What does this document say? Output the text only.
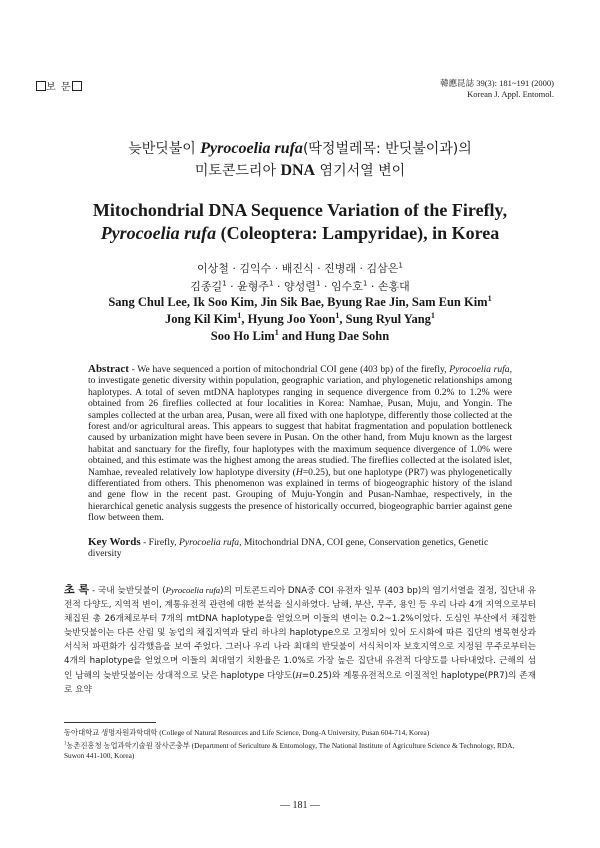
보 문	韓應昆誌 39(3): 181~191 (2000)
Korean J. Appl. Entomol.
늦반딧불이 Pyrocoelia rufa(딱정벌레목: 반딧불이과)의
미토콘드리아 DNA 염기서열 변이
Mitochondrial DNA Sequence Variation of the Firefly,
Pyrocoelia rufa (Coleoptera: Lampyridae), in Korea
이상철 · 김익수 · 배진식 · 진병래 · 김삼은$^1$
김종길$^1$ · 윤형주$^1$ · 양성렬$^1$ · 임수호$^1$ · 손홍대
Sang Chul Lee, Ik Soo Kim, Jin Sik Bae, Byung Rae Jin, Sam Eun Kim$^1$
Jong Kil Kim$^1$, Hyung Joo Yoon$^1$, Sung Ryul Yang$^1$
Soo Ho Lim$^1$ and Hung Dae Sohn
Abstract - We have sequenced a portion of mitochondrial COI gene (403 bp) of the firefly, Pyrocoelia rufa, to investigate genetic diversity within population, geographic variation, and phylogenetic relationships among haplotypes. A total of seven mtDNA haplotypes ranging in sequence divergence from 0.2% to 1.2% were obtained from 26 fireflies collected at four localities in Korea: Namhae, Pusan, Muju, and Yongin. The samples collected at the urban area, Pusan, were all fixed with one haplotype, differently those collected at the forest and/or agricultural areas. This appears to suggest that habitat fragmentation and population bottleneck caused by urbanization might have been severe in Pusan. On the other hand, from Muju known as the largest habitat and sanctuary for the firefly, four haplotypes with the maximum sequence divergence of 1.0% were obtained, and this estimate was the highest among the areas studied. The fireflies collected at the isolated islet, Namhae, revealed relatively low haplotype diversity (H=0.25), but one haplotype (PR7) was phylogenetically differentiated from others. This phenomenon was explained in terms of biogeographic history of the island and gene flow in the recent past. Grouping of Muju-Yongin and Pusan-Namhae, respectively, in the hierarchical genetic analysis suggests the presence of historically occurred, biogeographic barrier against gene flow between them.
Key Words - Firefly, Pyrocoelia rufa, Mitochondrial DNA, COI gene, Conservation genetics, Genetic diversity
초 록 - 국내 늦반딧불이 (Pyrocoelia rufa)의 미토콘드리아 DNA중 COI 유전자 일부 (403 bp)의 염기서열을 결정, 집단내 유전적 다양도, 지역적 변이, 계통유전적 관련에 대한 분석을 실시하였다. 남해, 부산, 무주, 용인 등 우리 나라 4개 지역으로부터 채집된 총 26개체로부터 7개의 mtDNA haplotype을 얻었으며 이들의 변이는 0.2~1.2%이었다. 도심인 부산에서 채집한 늦반딧불이는 다른 산림 및 농업의 채집지역과 달리 하나의 haplotype으로 고정되어 있어 도시화에 따른 집단의 병목현상과 서식처 파편화가 심각했음을 보여 주었다. 그러나 우리 나라 최대의 반딧불이 서식처이자 보호지역으로 지정된 무주로부터는 4개의 haplotype을 얻었으며 이들의 최대염기 치환율은 1.0%로 가장 높은 집단내 유전적 다양도를 나타내었다. 근해의 섬인 남해의 늦반딧불이는 상대적으로 낮은 haplotype 다양도(H=0.25)와 계통유전적으로 이질적인 haplotype(PR7)의 존재로 요약
동아대학교 생명자원과학대학 (College of Natural Resources and Life Science, Dong-A University, Pusan 604-714, Korea)
$^1$농촌진흥청 농업과학기술원 잠사곤충부 (Department of Sericulture & Entomology, The National Institute of Agriculture Science & Technology, RDA, Suwon 441-100, Korea)
— 181 —
